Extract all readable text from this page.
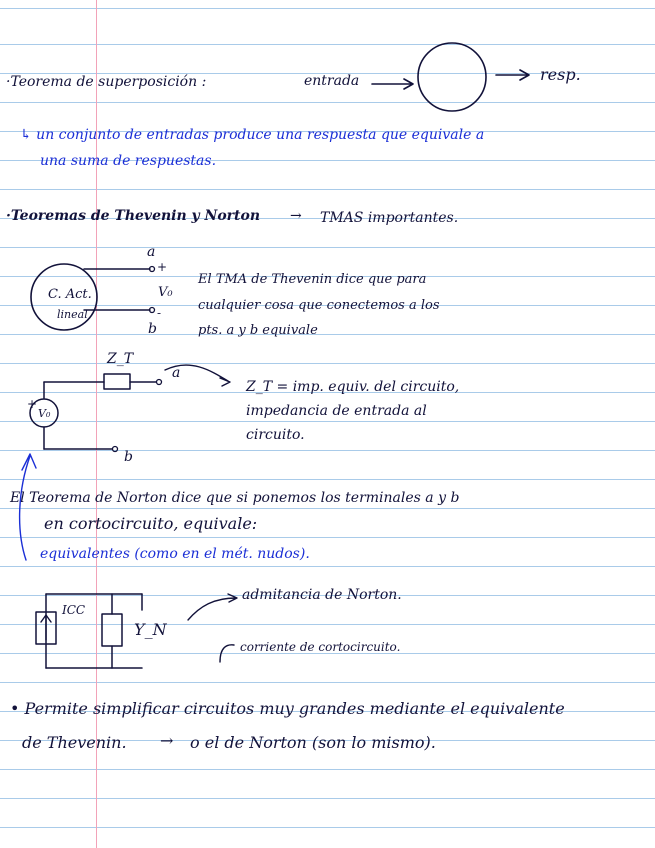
·Teorema de superposición :	entrada	resp.
↳ un conjunto de entradas produce una respuesta que equivale a
una suma de respuestas.
·Teoremas de Thevenin y Norton → TMAS importantes.
C. Act.
lineal
a
+
V₀
-
b
El TMA de Thevenin dice que para
cualquier cosa que conectemos a los
pts. a y b equivale
Z_T
a
b
+
V₀
Z_T = imp. equiv. del circuito,
impedancia de entrada al
circuito.
El Teorema de Norton dice que si ponemos los terminales a y b
en cortocircuito, equivale:
equivalentes (como en el mét. nudos).
ICC
Y_N
admitancia de Norton.
corriente de cortocircuito.
• Permite simplificar circuitos muy grandes mediante el equivalente
de Thevenin. → o el de Norton (son lo mismo).
